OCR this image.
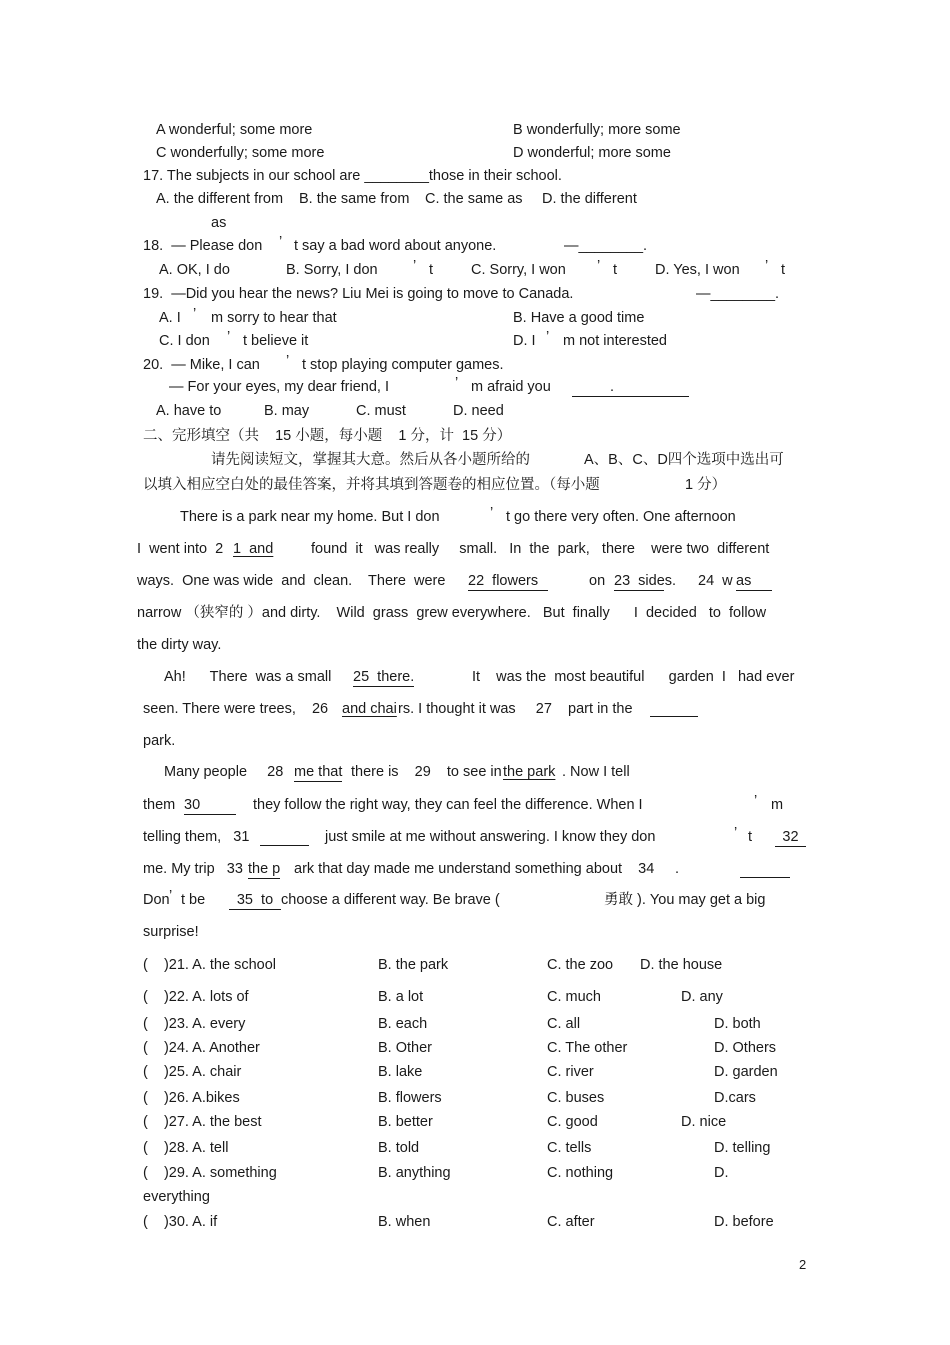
A wonderful; some more	B wonderfully; more some
C wonderfully; some more	D wonderful; more some
17. The subjects in our school are ________those in their school.
A. the different from B. the same from C. the same as D. the different
as
18.  — Please don ’ t say a bad word about anyone.	—________.
A. OK, I do	B. Sorry, I don ’ t	C. Sorry, I won ’ t	D. Yes, I won ’ t
19.  —Did you hear the news? Liu Mei is going to move to Canada.	—________.
A. I ’ m sorry to hear that	B. Have a good time
C. I don ’ t believe it	D. I ’ m not interested
20.  — Mike, I can ’ t stop playing computer games.
— For your eyes, my dear friend, I	’ m afraid you	.
A. have to	B. may	C. must	D. need
二、完形填空（共    15 小题，每小题    1 分，计  15 分）
请先阅读短文，掌握其大意。然后从各小题所给的	A、B、C、D四个选项中选出可
以填入相应空白处的最佳答案，并将其填到答题卷的相应位置。（每小题	1 分）
There is a park near my home. But I don	’ t go there very often. One afternoon
I  went into  2 1  and	found  it   was really     small.   In  the  park,   there    were two  different
ways.  One was wide  and  clean.    There  were 22  flowers	on 23  sides. 24  w as
narrow （狭窄的 ）and dirty.    Wild  grass  grew everywhere.   But  finally      I  decided   to  follow
the dirty way.
Ah!      There  was a small 25  there.	It    was the  most beautiful      garden  I   had ever
seen. There were trees,    26 and chai rs. I thought it was     27    part in the
park.
Many people     28 me that there is    29    to see in the park . Now I tell
them 30	they follow the right way, they can feel the difference. When I	’ m
telling them,   31	just smile at me without answering. I know they don	’ t	32
me. My trip   33 the p ark that day made me understand something about    34 .
Don ’ t be	35  to choose a different way. Be brave (	勇敢 ). You may get a big
surprise!
(    )21. A. the school	B. the park	C. the zoo D. the house
(    )22. A. lots of	B. a lot	C. much	D. any
(    )23. A. every	B. each	C. all	D. both
(    )24. A. Another	B. Other	C. The other	D. Others
(    )25. A. chair	B. lake	C. river	D. garden
(    )26. A.bikes	B. flowers	C. buses	D.cars
(    )27. A. the best	B. better	C. good	D. nice
(    )28. A. tell	B. told	C. tells	D. telling
(    )29. A. something	B. anything	C. nothing	D.
everything
(    )30. A. if	B. when	C. after	D. before
2
